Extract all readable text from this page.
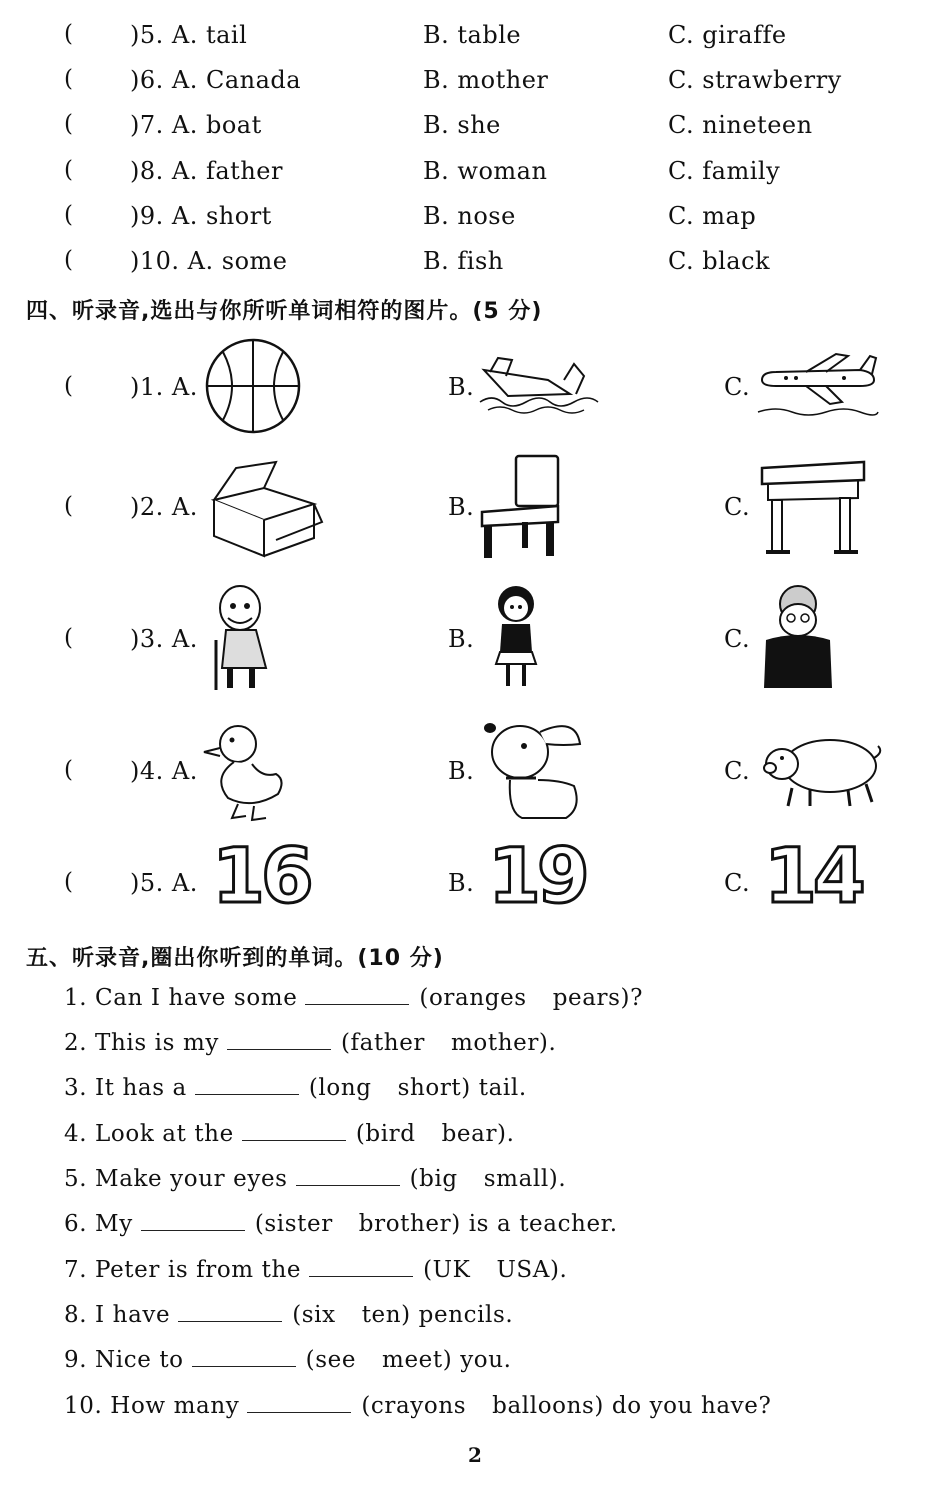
( )5. A. tail	B. table	C. giraffe
( )6. A. Canada	B. mother	C. strawberry
( )7. A. boat	B. she	C. nineteen
( )8. A. father	B. woman	C. family
( )9. A. short	B. nose	C. map
( )10. A. some	B. fish	C. black
四、听录音,选出与你所听单词相符的图片。(5 分)
( )1. A.	B.	C.
( )2. A.	B.	C.
( )3. A.	B.	C.
( )4. A.	B.	C.
( )5. A. 16	B. 19	C. 14
五、听录音,圈出你听到的单词。(10 分)
1. Can I have some	(oranges pears)?
2. This is my	(father mother).
3. It has a	(long short) tail.
4. Look at the	(bird bear).
5. Make your eyes	(big small).
6. My	(sister brother) is a teacher.
7. Peter is from the	(UK USA).
8. I have	(six ten) pencils.
9. Nice to	(see meet) you.
10. How many	(crayons balloons) do you have?
2
